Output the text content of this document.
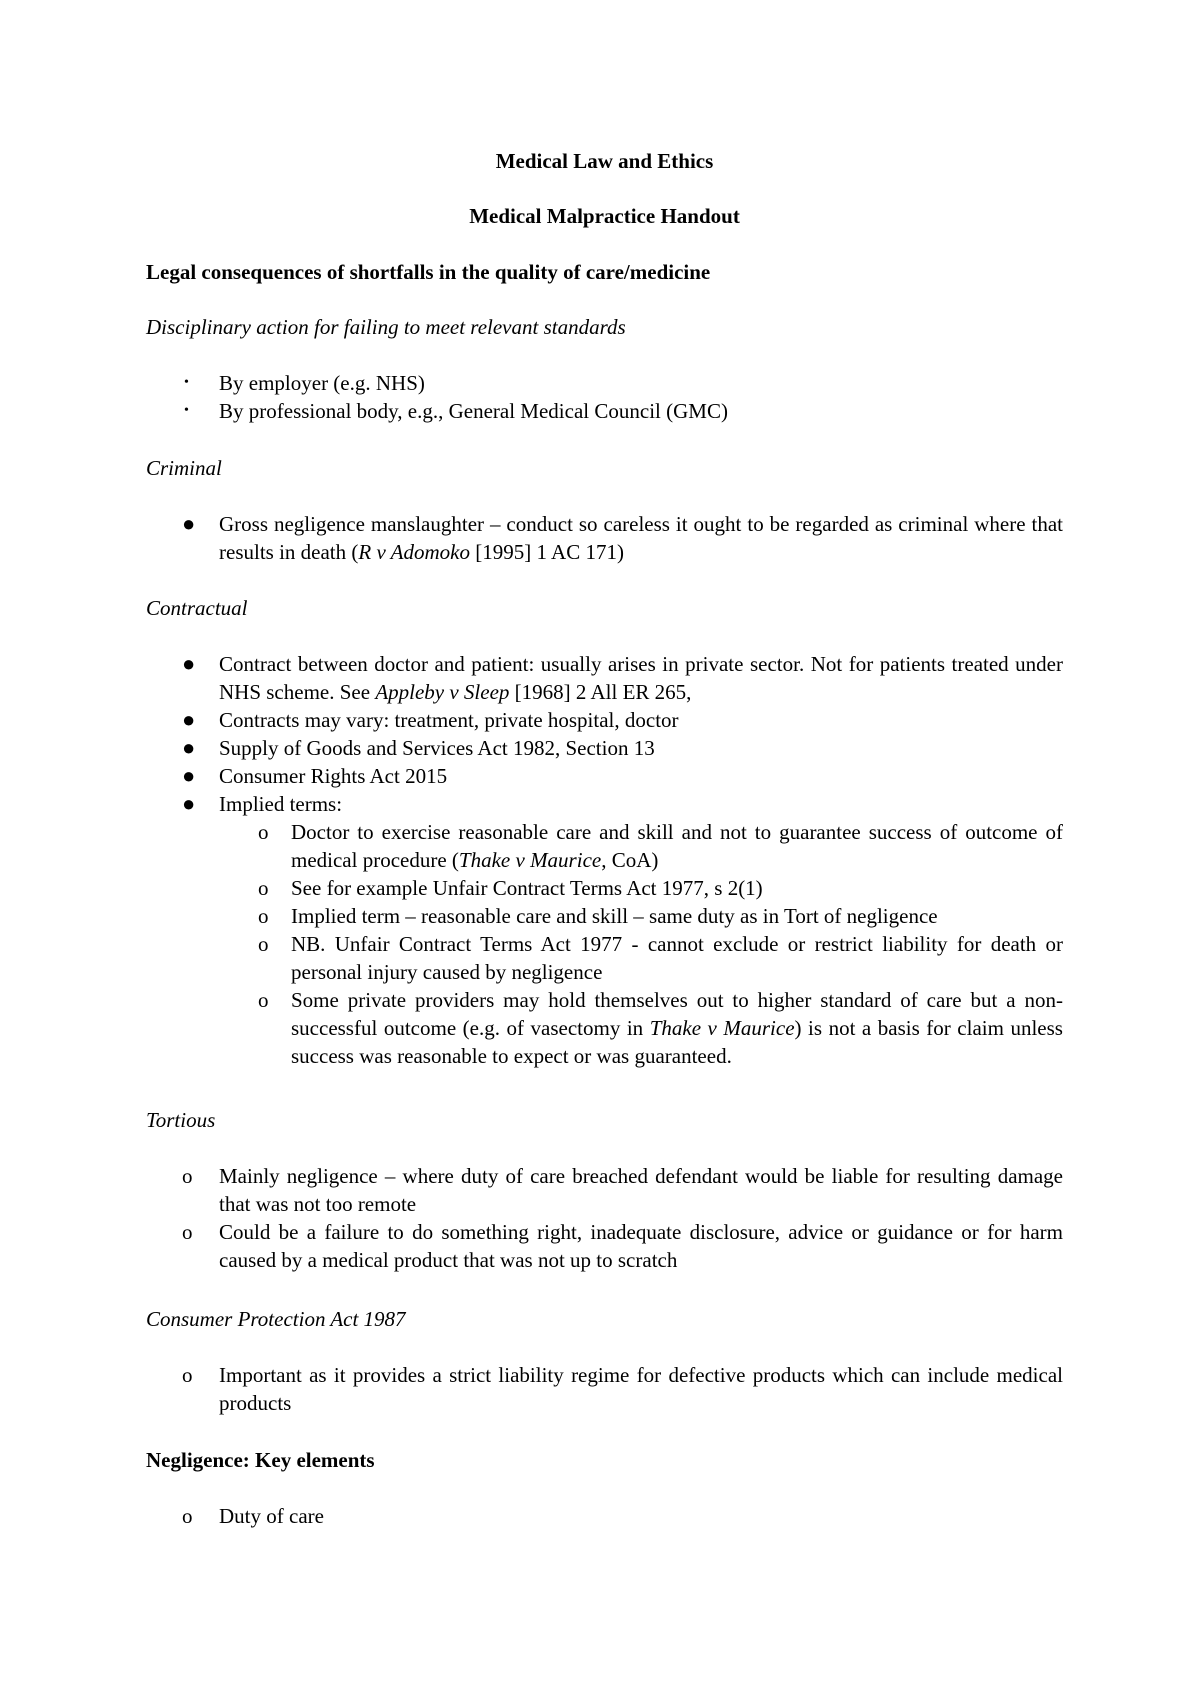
Medical Law and Ethics
Medical Malpractice Handout
Legal consequences of shortfalls in the quality of care/medicine
Disciplinary action for failing to meet relevant standards
• By employer (e.g. NHS)
• By professional body, e.g., General Medical Council (GMC)
Criminal
● Gross negligence manslaughter – conduct so careless it ought to be regarded as criminal where that results in death (R v Adomoko [1995] 1 AC 171)
Contractual
● Contract between doctor and patient: usually arises in private sector. Not for patients treated under NHS scheme. See Appleby v Sleep [1968] 2 All ER 265,
● Contracts may vary: treatment, private hospital, doctor
● Supply of Goods and Services Act 1982, Section 13
● Consumer Rights Act 2015
● Implied terms:
o Doctor to exercise reasonable care and skill and not to guarantee success of outcome of medical procedure (Thake v Maurice, CoA)
o See for example Unfair Contract Terms Act 1977, s 2(1)
o Implied term – reasonable care and skill – same duty as in Tort of negligence
o NB. Unfair Contract Terms Act 1977 - cannot exclude or restrict liability for death or personal injury caused by negligence
o Some private providers may hold themselves out to higher standard of care but a non-successful outcome (e.g. of vasectomy in Thake v Maurice) is not a basis for claim unless success was reasonable to expect or was guaranteed.
Tortious
o Mainly negligence – where duty of care breached defendant would be liable for resulting damage that was not too remote
o Could be a failure to do something right, inadequate disclosure, advice or guidance or for harm caused by a medical product that was not up to scratch
Consumer Protection Act 1987
o Important as it provides a strict liability regime for defective products which can include medical products
Negligence: Key elements
o Duty of care
